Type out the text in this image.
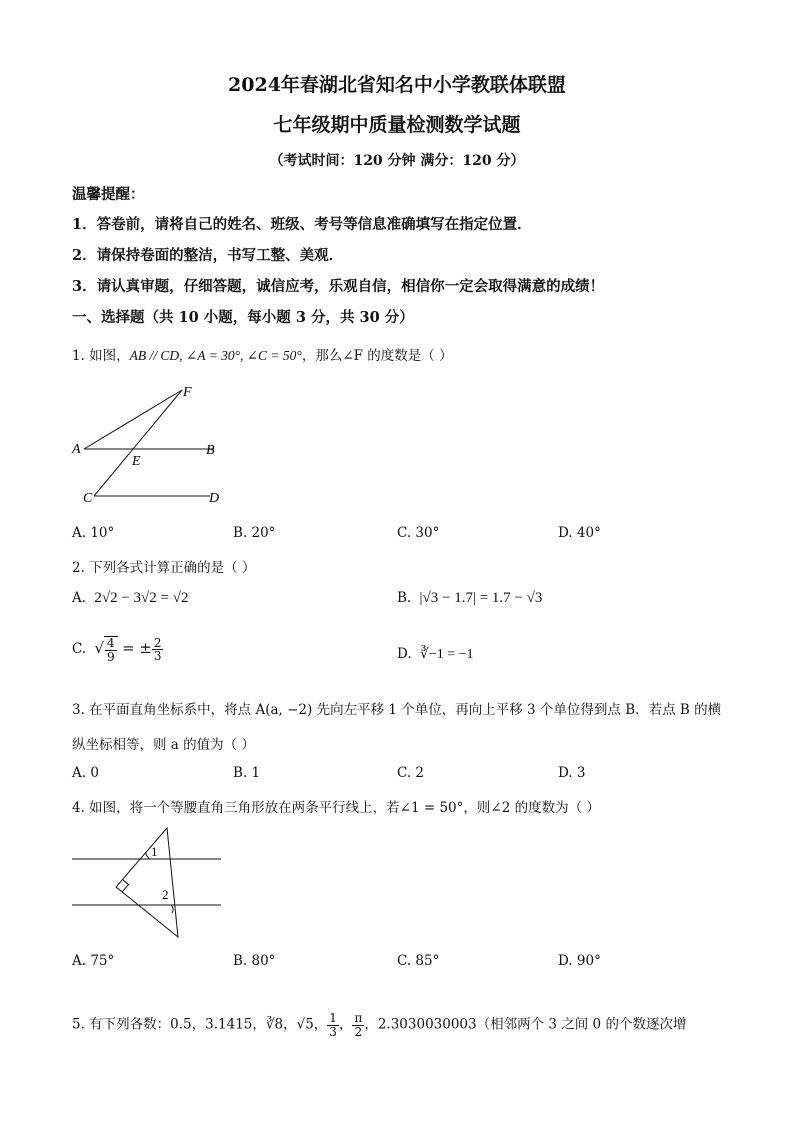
2024年春湖北省知名中小学教联体联盟
七年级期中质量检测数学试题
（考试时间：120 分钟 满分：120 分）
温馨提醒：
1．答卷前，请将自己的姓名、班级、考号等信息准确填写在指定位置．
2．请保持卷面的整洁，书写工整、美观．
3．请认真审题，仔细答题，诚信应考，乐观自信，相信你一定会取得满意的成绩！
一、选择题（共 10 小题，每小题 3 分，共 30 分）
1. 如图，AB // CD, ∠A = 30°, ∠C = 50°，那么∠F 的度数是（ ）
F
A	B
E
C	D
A. 10°	B. 20°	C. 30°	D. 40°
2. 下列各式计算正确的是（ ）
A. 2√2 − 3√2 = √2	B. |√3 − 1.7| = 1.7 − √3
C. √ $\frac{4}{9}$ = ± $\frac{2}{3}$	D. ∛−1 = −1
3. 在平面直角坐标系中，将点 A(a, −2) 先向左平移 1 个单位，再向上平移 3 个单位得到点 B．若点 B 的横
纵坐标相等，则 a 的值为（ ）
A. 0	B. 1	C. 2	D. 3
4. 如图，将一个等腰直角三角形放在两条平行线上，若∠1 = 50°，则∠2 的度数为（ ）
1
2
A. 75°	B. 80°	C. 85°	D. 90°
5. 有下列各数：0.5，3.1415，∛8，√5， $\frac{1}{3}$ ， $\frac{\pi}{2}$ ，2.3030030003（相邻两个 3 之间 0 的个数逐次增
